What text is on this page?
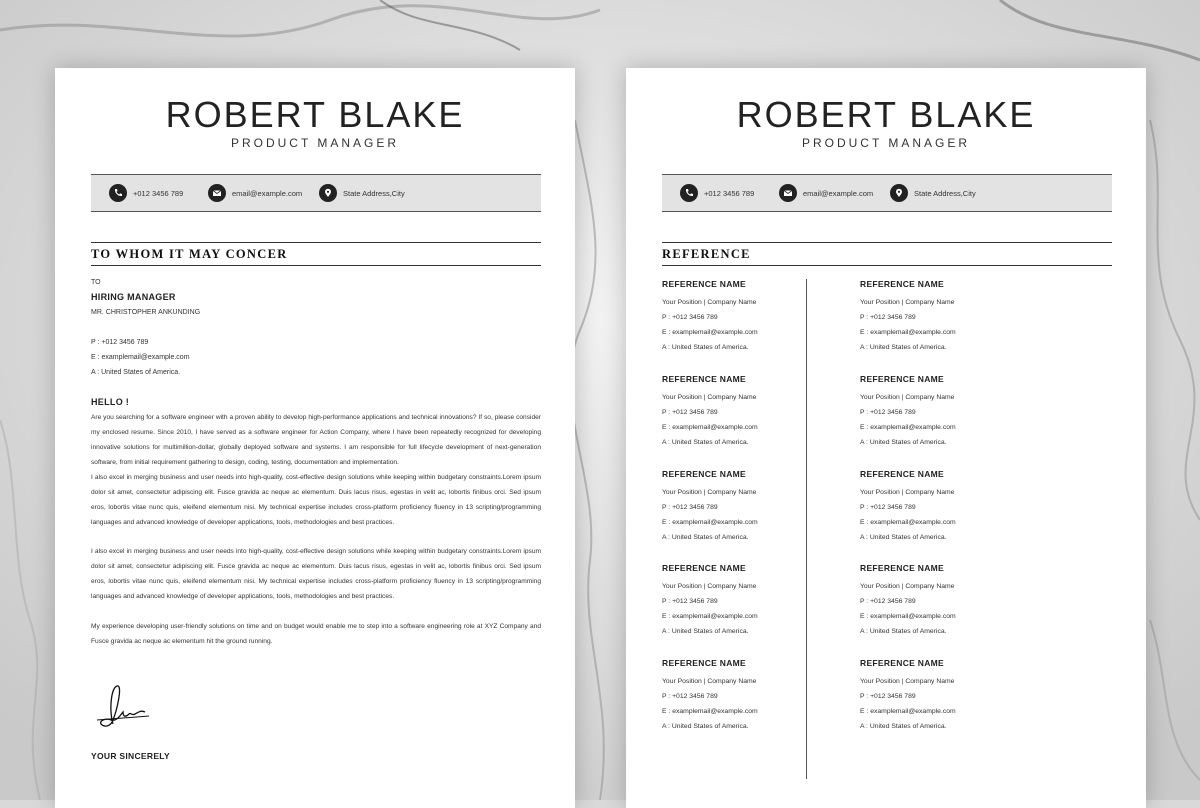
ROBERT BLAKE
PRODUCT MANAGER
+012 3456 789	email@example.com	State Address,City
TO WHOM IT MAY CONCER
TO
HIRING MANAGER
MR. CHRISTOPHER ANKUNDING
P : +012 3456 789
E : examplemail@example.com
A : United States of America.
HELLO !

Are you searching for a software engineer with a proven ability to develop high-performance applications and technical innovations? If so, please consider my enclosed resume. Since 2010, I have served as a software engineer for Action Company, where I have been repeatedly recognized for developing innovative solutions for multimillion-dollar, globally deployed software and systems. I am responsible for full lifecycle development of next-generation software, from initial requirement gathering to design, coding, testing, documentation and implementation.

I also excel in merging business and user needs into high-quality, cost-effective design solutions while keeping within budgetary constraints.Lorem ipsum dolor sit amet, consectetur adipiscing elit. Fusce gravida ac neque ac elementum. Duis lacus risus, egestas in velit ac, lobortis finibus orci. Sed ipsum eros, lobortis vitae nunc quis, eleifend elementum nisi. My technical expertise includes cross-platform proficiency fluency in 13 scripting/programming languages and advanced knowledge of developer applications, tools, methodologies and best practices.

I also excel in merging business and user needs into high-quality, cost-effective design solutions while keeping within budgetary constraints.Lorem ipsum dolor sit amet, consectetur adipiscing elit. Fusce gravida ac neque ac elementum. Duis lacus risus, egestas in velit ac, lobortis finibus orci. Sed ipsum eros, lobortis vitae nunc quis, eleifend elementum nisi. My technical expertise includes cross-platform proficiency fluency in 13 scripting/programming languages and advanced knowledge of developer applications, tools, methodologies and best practices.

My experience developing user-friendly solutions on time and on budget would enable me to step into a software engineering role at XYZ Company and Fusce gravida ac neque ac elementum hit the ground running.

YOUR SINCERELY
ROBERT BLAKE
PRODUCT MANAGER
+012 3456 789	email@example.com	State Address,City
REFERENCE
REFERENCE NAME
Your Position | Company Name
P : +012 3456 789
E : examplemail@example.com
A : United States of America.
REFERENCE NAME
Your Position | Company Name
P : +012 3456 789
E : examplemail@example.com
A : United States of America.
REFERENCE NAME
Your Position | Company Name
P : +012 3456 789
E : examplemail@example.com
A : United States of America.
REFERENCE NAME
Your Position | Company Name
P : +012 3456 789
E : examplemail@example.com
A : United States of America.
REFERENCE NAME
Your Position | Company Name
P : +012 3456 789
E : examplemail@example.com
A : United States of America.
REFERENCE NAME
Your Position | Company Name
P : +012 3456 789
E : examplemail@example.com
A : United States of America.
REFERENCE NAME
Your Position | Company Name
P : +012 3456 789
E : examplemail@example.com
A : United States of America.
REFERENCE NAME
Your Position | Company Name
P : +012 3456 789
E : examplemail@example.com
A : United States of America.
REFERENCE NAME
Your Position | Company Name
P : +012 3456 789
E : examplemail@example.com
A : United States of America.
REFERENCE NAME
Your Position | Company Name
P : +012 3456 789
E : examplemail@example.com
A : United States of America.
